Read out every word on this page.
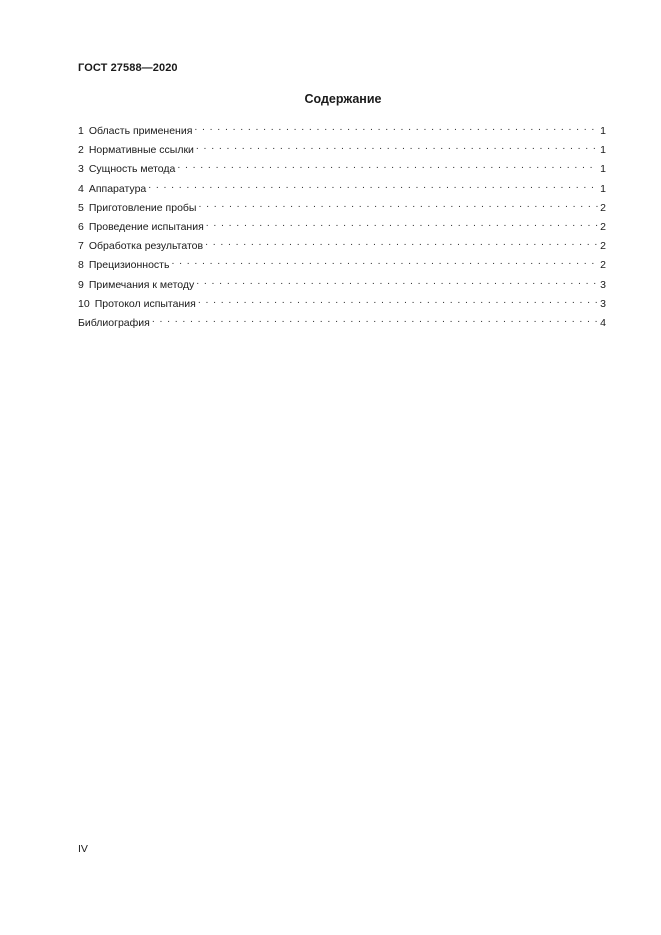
ГОСТ 27588—2020
Содержание
1 Область применения . . .	1
2 Нормативные ссылки . . .	1
3 Сущность метода . . .	1
4 Аппаратура . . .	1
5 Приготовление пробы . . .	2
6 Проведение испытания . . .	2
7 Обработка результатов . . .	2
8 Прецизионность . . .	2
9 Примечания к методу . . .	3
10 Протокол испытания . . .	3
Библиография . . .	4
IV
